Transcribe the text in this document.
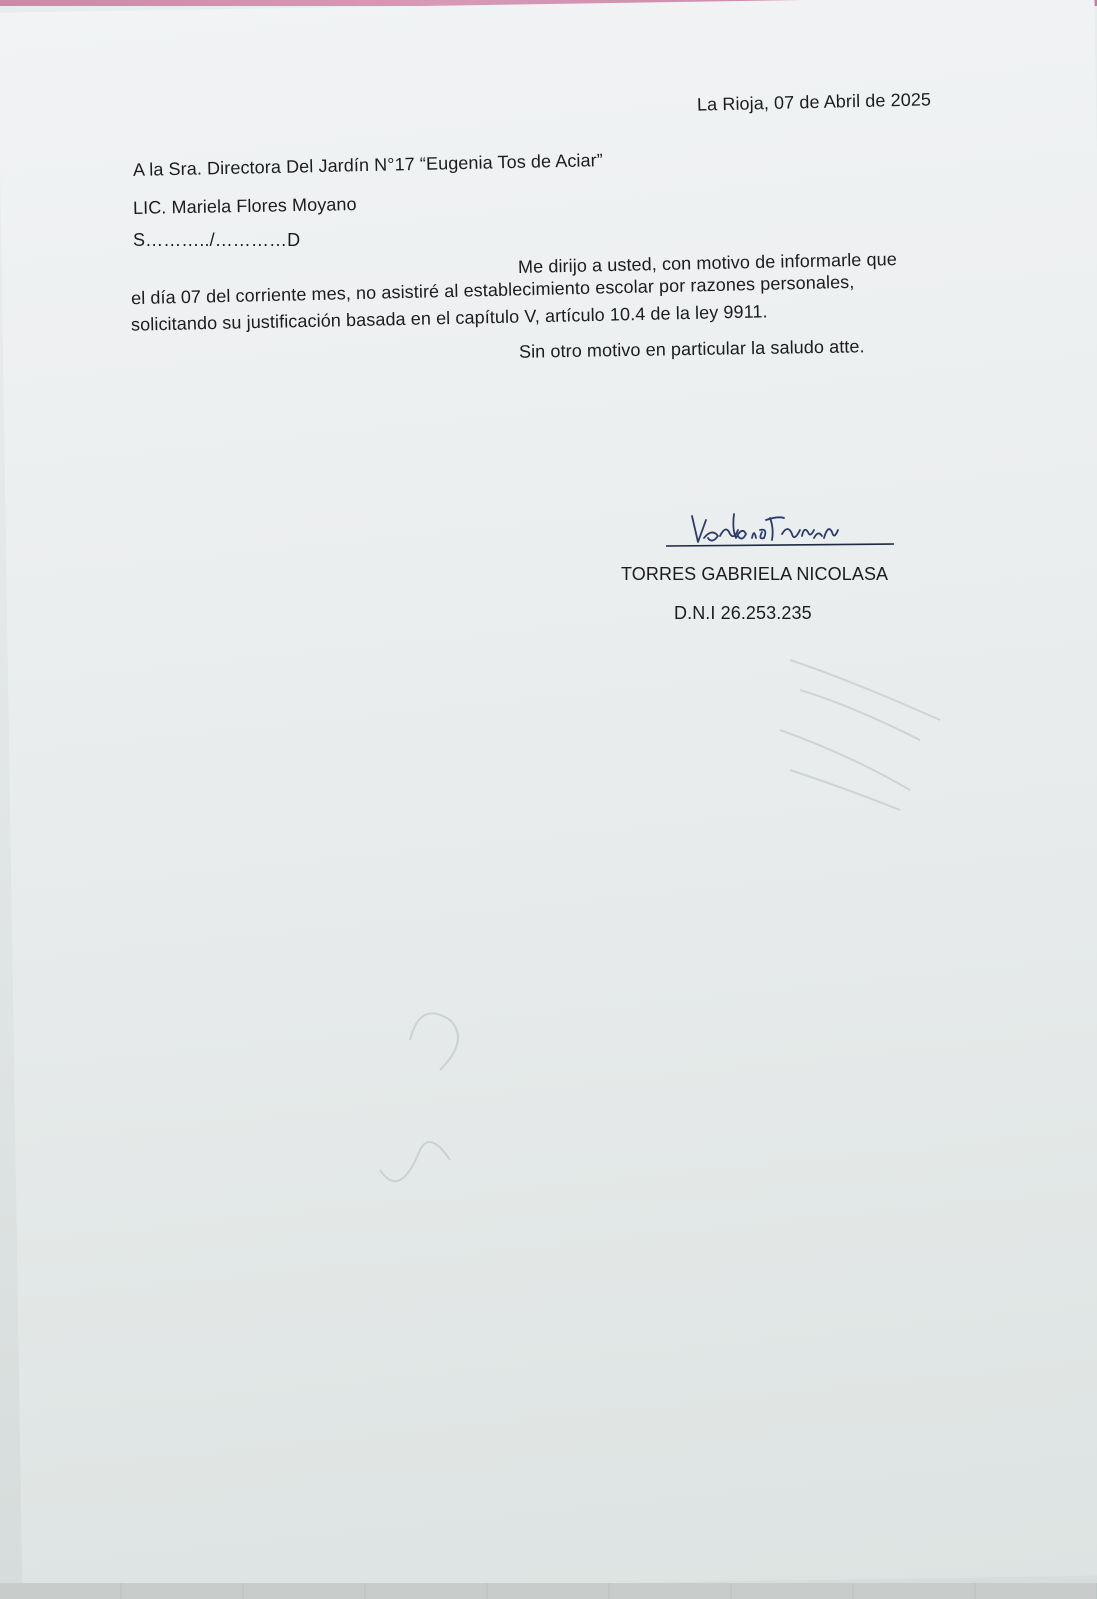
La Rioja, 07 de Abril de 2025
A la Sra. Directora Del Jardín N°17 “Eugenia Tos de Aciar”
LIC. Mariela Flores Moyano
S………../…………D
Me dirijo a usted, con motivo de informarle que
el día 07 del corriente mes, no asistiré al establecimiento escolar por razones personales,
solicitando su justificación basada en el capítulo V, artículo 10.4 de la ley 9911.
Sin otro motivo en particular la saludo atte.
TORRES GABRIELA NICOLASA
D.N.I 26.253.235
